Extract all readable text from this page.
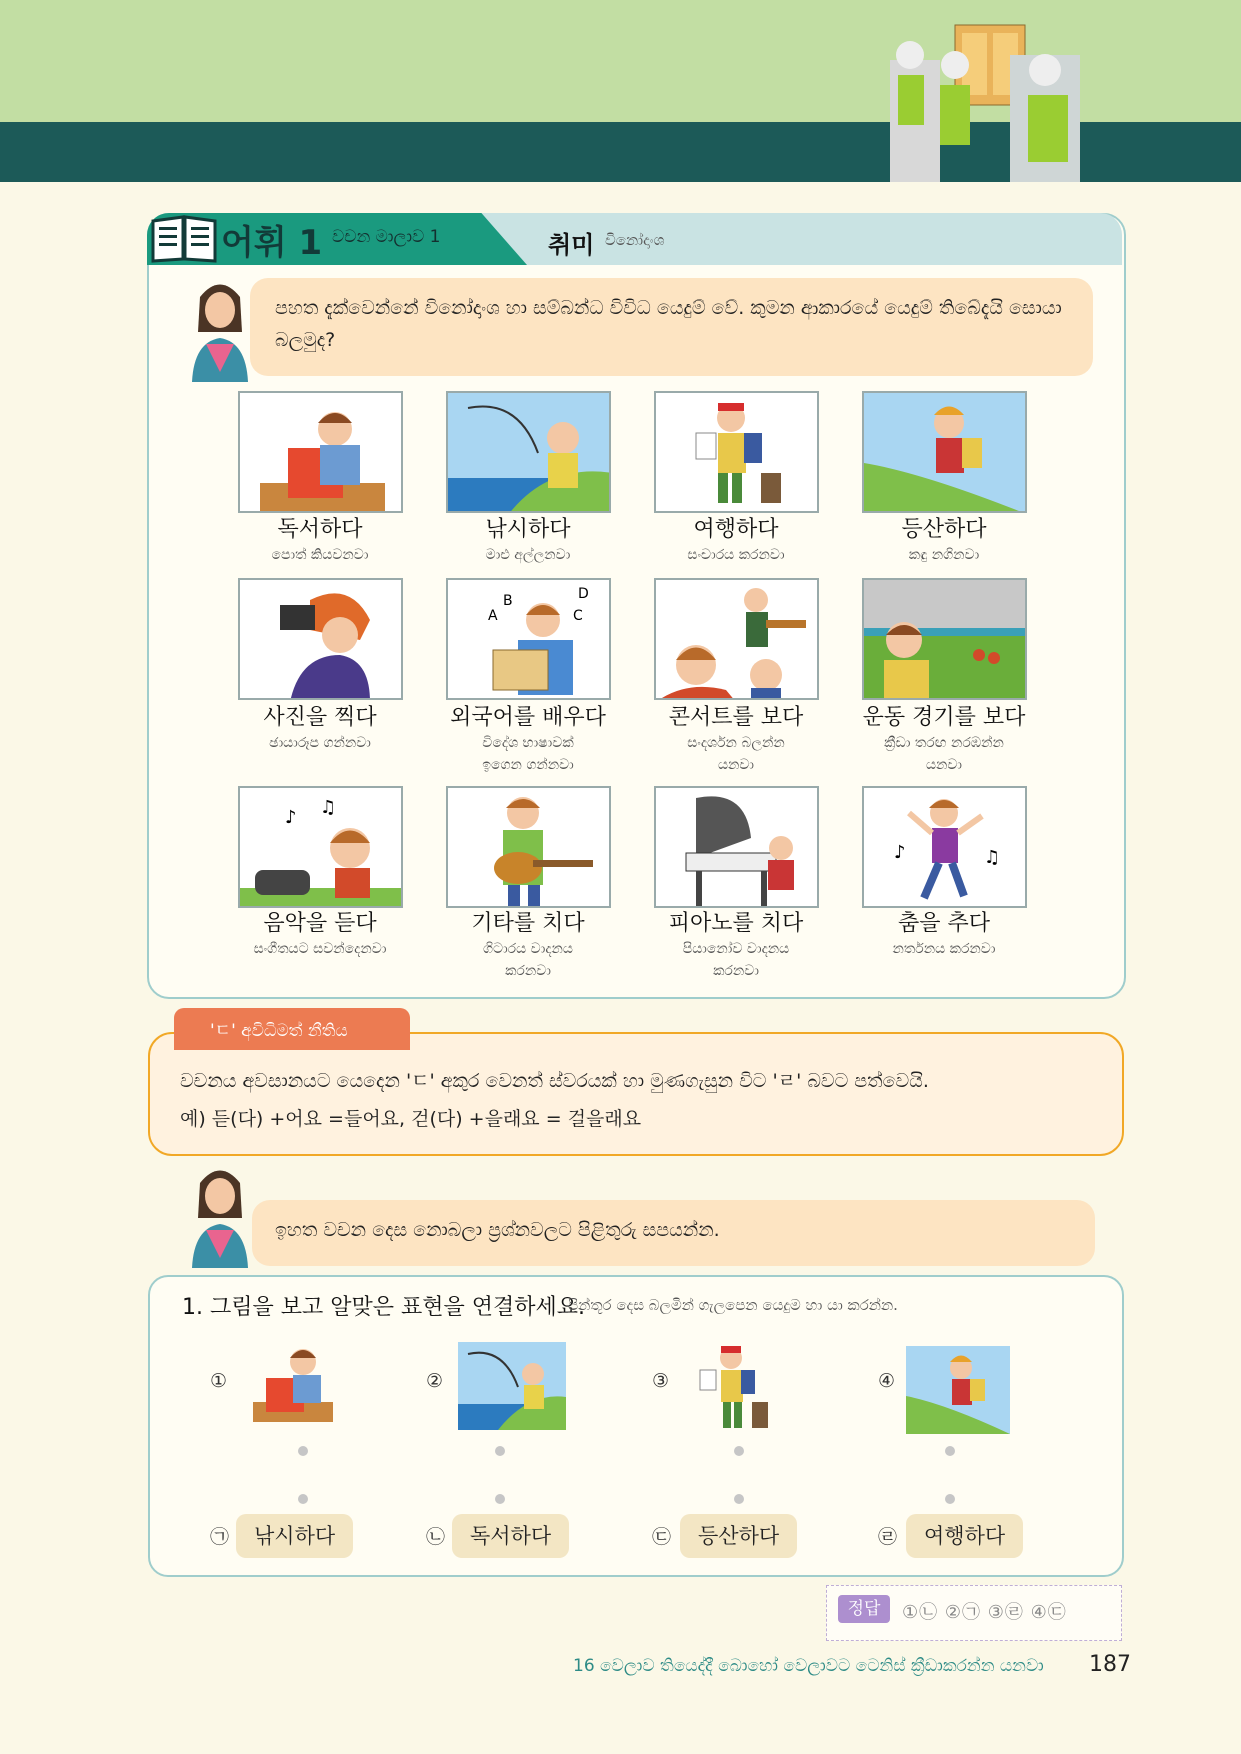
어휘 1 වචන මාලාව 1	취미 විනෝදාංශ
පහත දැක්වෙන්නේ විනෝදාංශ හා සම්බන්ධ විවිධ යෙදුම් වේ. කුමන ආකාරයේ යෙදුම් තිබේදැයි සොයා බලමුද?
독서하다
පොත් කියවනවා
낚시하다
මාළු අල්ලනවා
여행하다
සංචාරය කරනවා
등산하다
කඳු නගිනවා
사진을 찍다
ඡායාරූප ගන්නවා
A
B
C
D
외국어를 배우다
විදේශ භාෂාවක්
ඉගෙන ගන්නවා
콘서트를 보다
සංදර්ශන බලන්න
යනවා
운동 경기를 보다
ක්‍රීඩා තරඟ නරඹන්න
යනවා
♪ ♫
음악을 듣다
සංගීතයට සවන්දෙනවා
기타를 치다
ගිටාරය වාදනය
කරනවා
피아노를 치다
පියානෝව වාදනය
කරනවා
♪	♫
춤을 추다
නර්තනය කරනවා
'ㄷ' අවිධිමත් නීතිය
වචනය අවසානයට යෙදෙන 'ㄷ' අකුර වෙනත් ස්වරයක් හා මුණගැසුන විට 'ㄹ' බවට පත්වෙයි.
예) 듣(다) +어요 =들어요, 걷(다) +을래요 = 걸을래요
ඉහත වචන දෙස නොබලා ප්‍රශ්නවලට පිළිතුරු සපයන්න.
1. 그림을 보고 알맞은 표현을 연결하세요.
පින්තූර දෙස බලමින් ගැලපෙන යෙදුම හා යා කරන්න.
①	②	③	④
㉠	낚시하다	㉡	독서하다	㉢	등산하다	㉣	여행하다
정답	①㉡ ②㉠ ③㉣ ④㉢
16 වෙලාව තියෙද්දී බොහෝ වෙලාවට ටෙනිස් ක්‍රීඩාකරන්න යනවා 187
